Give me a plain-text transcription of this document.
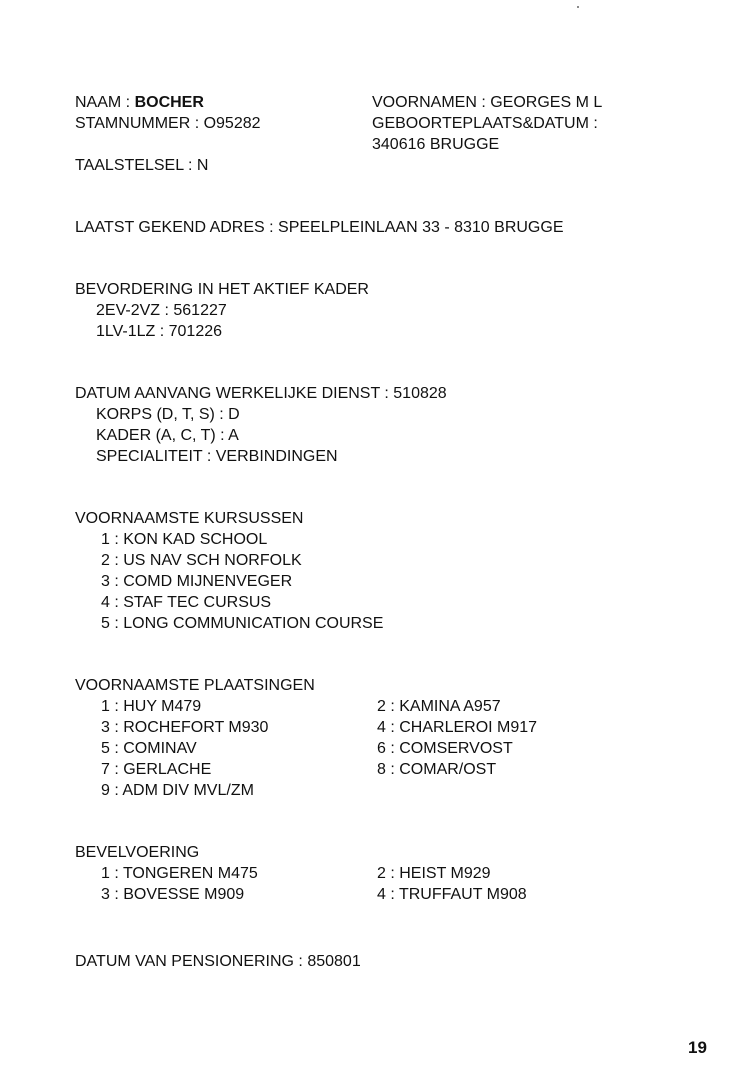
NAAM : BOCHER
STAMNUMMER : O95282
VOORNAMEN : GEORGES M L
GEBOORTEPLAATS&DATUM :
340616 BRUGGE
TAALSTELSEL : N
LAATST GEKEND ADRES : SPEELPLEINLAAN 33 - 8310 BRUGGE
BEVORDERING IN HET AKTIEF KADER
2EV-2VZ : 561227
1LV-1LZ : 701226
DATUM AANVANG WERKELIJKE DIENST : 510828
KORPS (D, T, S) : D
KADER (A, C, T) : A
SPECIALITEIT : VERBINDINGEN
VOORNAAMSTE KURSUSSEN
1 : KON KAD SCHOOL
2 : US NAV SCH NORFOLK
3 : COMD MIJNENVEGER
4 : STAF TEC CURSUS
5 : LONG COMMUNICATION COURSE
VOORNAAMSTE PLAATSINGEN
1 : HUY M479
3 : ROCHEFORT M930
5 : COMINAV
7 : GERLACHE
9 : ADM DIV MVL/ZM
2 : KAMINA A957
4 : CHARLEROI M917
6 : COMSERVOST
8 : COMAR/OST
BEVELVOERING
1 : TONGEREN M475
3 : BOVESSE M909
2 : HEIST M929
4 : TRUFFAUT M908
DATUM VAN PENSIONERING : 850801
19
